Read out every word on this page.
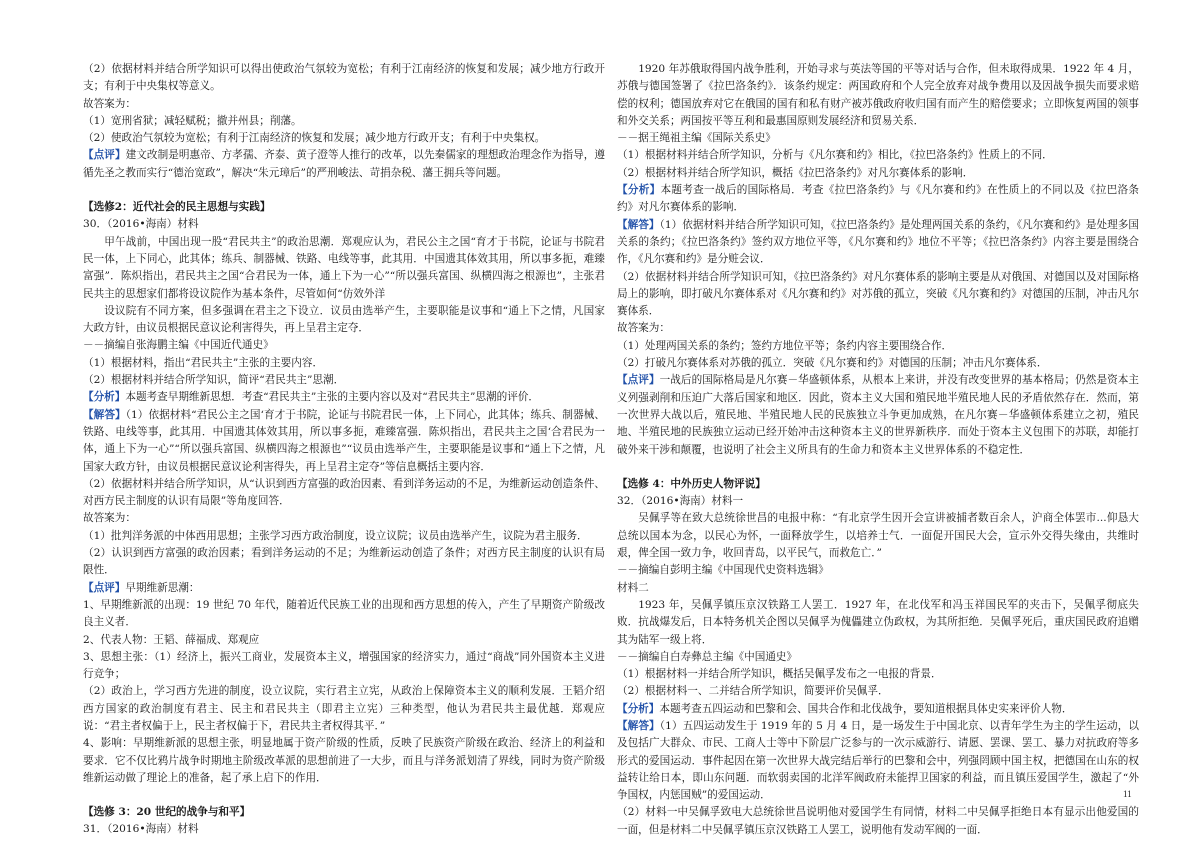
（2）依据材料并结合所学知识可以得出使政治气氛较为宽松；有利于江南经济的恢复和发展；减少地方行政开支；有利于中央集权等意义。

故答案为：

（1）宽刑省狱；减轻赋税；撤并州县；削藩。

（2）使政治气氛较为宽松；有利于江南经济的恢复和发展；减少地方行政开支；有利于中央集权。

【点评】建文改制是明惠帝、方孝孺、齐泰、黄子澄等人推行的改革，以先秦儒家的理想政治理念作为指导，遵循先圣之教而实行“德治宽政”，解决“朱元璋后”的严刑峻法、苛捐杂税、藩王拥兵等问题。

【选修2：近代社会的民主思想与实践】

30．（2016•海南）材料

甲午战前，中国出现一股“君民共主”的政治思潮．郑观应认为，君民公主之国“育才于书院，论证与书院君民一体，上下同心，此其体；练兵、制器械、铁路、电线等事，此其用．中国遗其体效其用，所以事多扼，难臻富强”．陈炽指出，君民共主之国“合君民为一体，通上下为一心”“所以强兵富国、纵横四海之根源也”，主张君民共主的思想家们都将设议院作为基本条件，尽管如何“仿效外洋

设议院有不同方案，但多强调在君主之下设立．议员由选举产生，主要职能是议事和“通上下之情，凡国家大政方针，由议员根据民意议论利害得失，再上呈君主定夺．

－－摘编自张海鹏主编《中国近代通史》

（1）根据材料，指出“君民共主”主张的主要内容．

（2）根据材料并结合所学知识，简评“君民共主”思潮．

【分析】本题考查早期维新思想．考查“君民共主”主张的主要内容以及对“君民共主”思潮的评价．

【解答】（1）依据材料“君民公主之国‘育才于书院，论证与书院君民一体，上下同心，此其体；练兵、制器械、铁路、电线等事，此其用．中国遗其体效其用，所以事多扼，难臻富强．陈炽指出，君民共主之国‘合君民为一体，通上下为一心”“所以强兵富国、纵横四海之根源也”“议员由选举产生，主要职能是议事和“通上下之情，凡国家大政方针，由议员根据民意议论利害得失，再上呈君主定夺”等信息概括主要内容．

（2）依据材料并结合所学知识，从“认识到西方富强的政治因素、看到洋务运动的不足，为维新运动创造条件、对西方民主制度的认识有局限”等角度回答．

故答案为：

（1）批判洋务派的中体西用思想；主张学习西方政治制度，设立议院；议员由选举产生，议院为君主服务．

（2）认识到西方富强的政治因素；看到洋务运动的不足；为维新运动创造了条件；对西方民主制度的认识有局限性．

【点评】早期维新思潮：

1、早期维新派的出现：19 世纪 70 年代，随着近代民族工业的出现和西方思想的传入，产生了早期资产阶级改良主义者．

2、代表人物：王韬、薛福成、郑观应

3、思想主张：（1）经济上，振兴工商业，发展资本主义，增强国家的经济实力，通过“商战”同外国资本主义进行竞争；

（2）政治上，学习西方先进的制度，设立议院，实行君主立宪，从政治上保障资本主义的顺利发展．王韬介绍西方国家的政治制度有君主、民主和君民共主（即君主立宪）三种类型，他认为君民共主最优越．郑观应说：“君主者权偏于上，民主者权偏于下，君民共主者权得其平．”

4、影响：早期维新派的思想主张，明显地属于资产阶级的性质，反映了民族资产阶级在政治、经济上的利益和要求．它不仅比鸦片战争时期地主阶级改革派的思想前进了一大步，而且与洋务派划清了界线，同时为资产阶级维新运动做了理论上的准备，起了承上启下的作用．

【选修 3：20 世纪的战争与和平】

31．（2016•海南）材料

1920 年苏俄取得国内战争胜利，开始寻求与英法等国的平等对话与合作，但未取得成果．1922 年 4 月，苏俄与德国签署了《拉巴洛条约》．该条约规定：两国政府和个人完全放弃对战争费用以及因战争损失而要求赔偿的权利；德国放弃对它在俄国的国有和私有财产被苏俄政府收归国有而产生的赔偿要求；立即恢复两国的领事和外交关系；两国按平等互利和最惠国原则发展经济和贸易关系．

－－据王绳祖主编《国际关系史》

（1）根据材料并结合所学知识，分析与《凡尔赛和约》相比，《拉巴洛条约》性质上的不同．

（2）根据材料并结合所学知识，概括《拉巴洛条约》对凡尔赛体系的影响．

【分析】本题考查一战后的国际格局．考查《拉巴洛条约》与《凡尔赛和约》在性质上的不同以及《拉巴洛条约》对凡尔赛体系的影响．

【解答】（1）依据材料并结合所学知识可知，《拉巴洛条约》是处理两国关系的条约，《凡尔赛和约》是处理多国关系的条约；《拉巴洛条约》签约双方地位平等，《凡尔赛和约》地位不平等；《拉巴洛条约》内容主要是围绕合作，《凡尔赛和约》是分赃会议．

（2）依据材料并结合所学知识可知，《拉巴洛条约》对凡尔赛体系的影响主要是从对俄国、对德国以及对国际格局上的影响，即打破凡尔赛体系对《凡尔赛和约》对苏俄的孤立，突破《凡尔赛和约》对德国的压制，冲击凡尔赛体系．

故答案为：

（1）处理两国关系的条约；签约方地位平等；条约内容主要围绕合作．

（2）打破凡尔赛体系对苏俄的孤立．突破《凡尔赛和约》对德国的压制；冲击凡尔赛体系．

【点评】一战后的国际格局是凡尔赛－华盛顿体系，从根本上来讲，并没有改变世界的基本格局；仍然是资本主义列强剥削和压迫广大落后国家和地区．因此，资本主义大国和殖民地半殖民地人民的矛盾依然存在．然而，第一次世界大战以后，殖民地、半殖民地人民的民族独立斗争更加成熟，在凡尔赛－华盛顿体系建立之初，殖民地、半殖民地的民族独立运动已经开始冲击这种资本主义的世界新秩序．而处于资本主义包围下的苏联，却能打破外来干涉和颠覆，也说明了社会主义所具有的生命力和资本主义世界体系的不稳定性．

【选修 4：中外历史人物评说】

32．（2016•海南）材料一

吴佩孚等在致大总统徐世昌的电报中称：“有北京学生因开会宣讲被捕者数百余人，沪商全体罢市...仰恳大总统以国本为念，以民心为怀，一面释放学生，以培养士气．一面促开国民大会，宣示外交得失缘由，共维时艰，俾全国一致力争，收回青岛，以平民气，而救危亡．”

－－摘编自彭明主编《中国现代史资料选辑》

材料二

1923 年，吴佩孚镇压京汉铁路工人罢工．1927 年，在北伐军和冯玉祥国民军的夹击下，吴佩孚彻底失败．抗战爆发后，日本特务机关企图以吴佩孚为傀儡建立伪政权，为其所拒绝．吴佩孚死后，重庆国民政府追赠其为陆军一级上将．

－－摘编自白寿彝总主编《中国通史》

（1）根据材料一并结合所学知识，概括吴佩孚发布之一电报的背景．

（2）根据材料一、二并结合所学知识，简要评价吴佩孚．

【分析】本题考查五四运动和巴黎和会、国共合作和北伐战争，要知道根据具体史实来评价人物．

【解答】（1）五四运动发生于 1919 年的 5 月 4 日，是一场发生于中国北京、以青年学生为主的学生运动，以及包括广大群众、市民、工商人士等中下阶层广泛参与的一次示威游行、请愿、罢课、罢工、暴力对抗政府等多形式的爱国运动．事件起因在第一次世界大战完结后举行的巴黎和会中，列强罔顾中国主权，把德国在山东的权益转让给日本，即山东问题．而软弱卖国的北洋军阀政府未能捍卫国家的利益，而且镇压爱国学生，激起了“外争国权，内惩国贼”的爱国运动．

（2）材料一中吴佩孚致电大总统徐世昌说明他对爱国学生有同情，材料二中吴佩孚拒绝日本有显示出他爱国的一面，但是材料二中吴佩孚镇压京汉铁路工人罢工，说明他有发动军阀的一面．

11
